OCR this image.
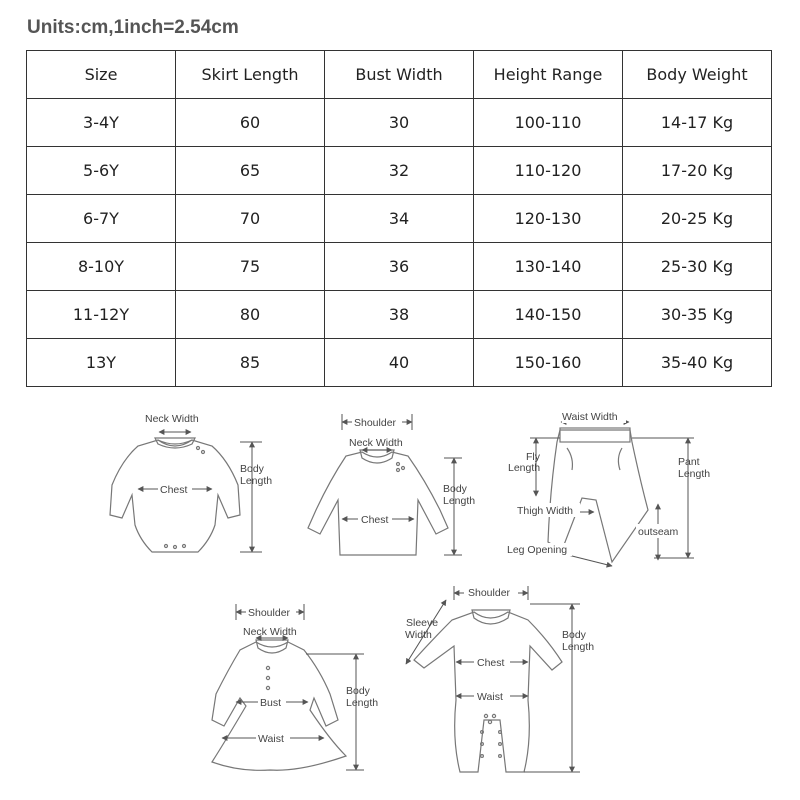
Units:cm,1inch=2.54cm
Size	Skirt Length	Bust Width	Height Range	Body Weight
3-4Y	60	30	100-110	14-17 Kg
5-6Y	65	32	110-120	17-20 Kg
6-7Y	70	34	120-130	20-25 Kg
8-10Y	75	36	130-140	25-30 Kg
11-12Y	80	38	140-150	30-35 Kg
13Y	85	40	150-160	35-40 Kg
Neck Width
Chest
Body
Length
Shoulder
Neck Width
Chest
Body
Length
Waist Width
Fly
Length	Pant
Length
Thigh Width
outseam
Leg Opening
Shoulder
Neck Width
Bust
Waist
Body
Length
Shoulder
Sleeve
Width
Chest
Waist
Body
Length
